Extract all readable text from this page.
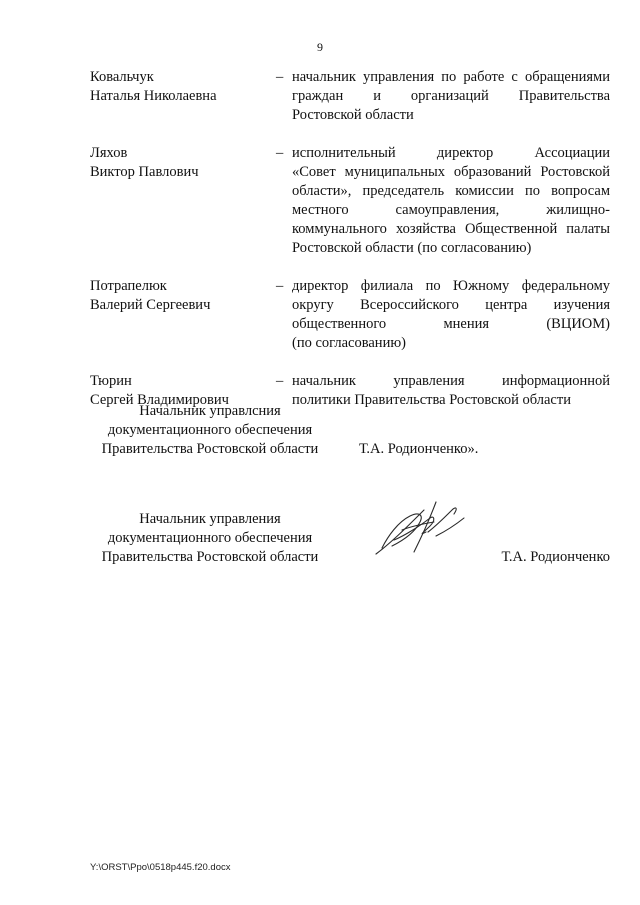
9
Ковальчук
Наталья Николаевна
– начальник управления по работе с обращениями
граждан и организаций Правительства
Ростовской области
Ляхов
Виктор Павлович
– исполнительный директор Ассоциации
«Совет муниципальных образований Ростовской
области», председатель комиссии по вопросам
местного самоуправления, жилищно-
коммунального хозяйства Общественной палаты
Ростовской области (по согласованию)
Потрапелюк
Валерий Сергеевич
– директор филиала по Южному федеральному
округу Всероссийского центра изучения
общественного мнения (ВЦИОМ)
(по согласованию)
Тюрин
Сергей Владимирович
– начальник управления информационной
политики Правительства Ростовской области
Начальник управлсния
документационного обеспечения
Правительства Ростовской области	Т.А. Родионченко».
Начальник управления
документационного обеспечения
Правительства Ростовской области	Т.А. Родионченко
Y:\ORST\Ppo\0518p445.f20.docx
